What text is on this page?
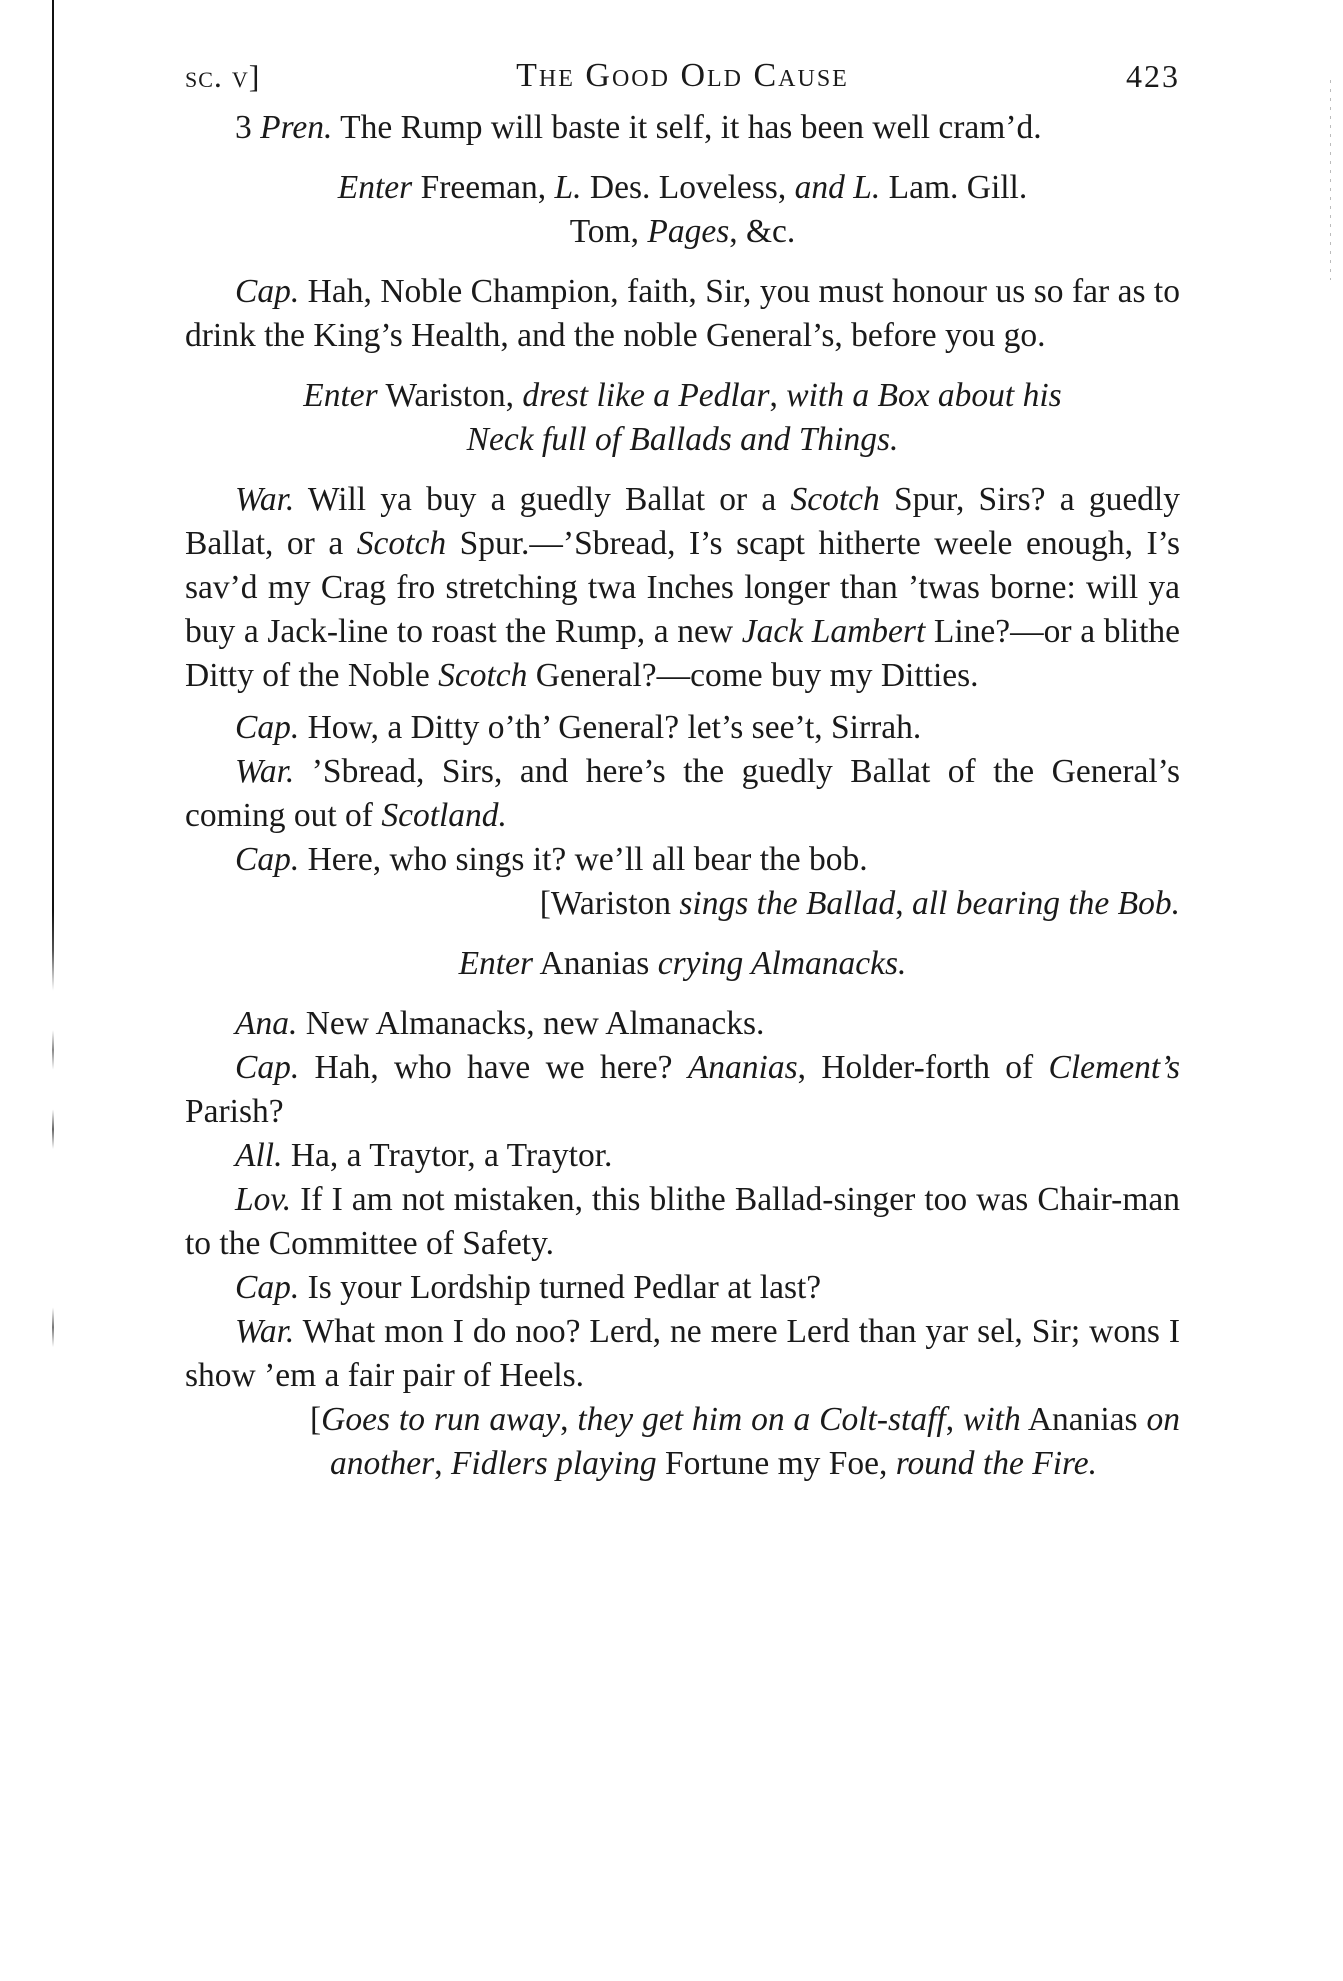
sc. v]	The Good Old Cause	423

3 Pren. The Rump will baste it self, it has been well cram’d.

Enter Freeman, L. Des. Loveless, and L. Lam. Gill.
Tom, Pages, &c.

Cap. Hah, Noble Champion, faith, Sir, you must honour us so far as to drink the King’s Health, and the noble General’s, before you go.

Enter Wariston, drest like a Pedlar, with a Box about his
Neck full of Ballads and Things.

War. Will ya buy a guedly Ballat or a Scotch Spur, Sirs? a guedly Ballat, or a Scotch Spur.—’Sbread, I’s scapt hitherte weele enough, I’s sav’d my Crag fro stretching twa Inches longer than ’twas borne: will ya buy a Jack-line to roast the Rump, a new Jack Lambert Line?—or a blithe Ditty of the Noble Scotch General?—come buy my Ditties.

Cap. How, a Ditty o’th’ General? let’s see’t, Sirrah.

War. ’Sbread, Sirs, and here’s the guedly Ballat of the General’s coming out of Scotland.

Cap. Here, who sings it? we’ll all bear the bob.

[Wariston sings the Ballad, all bearing the Bob.

Enter Ananias crying Almanacks.

Ana. New Almanacks, new Almanacks.

Cap. Hah, who have we here? Ananias, Holder-forth of Clement’s Parish?

All. Ha, a Traytor, a Traytor.

Lov. If I am not mistaken, this blithe Ballad-singer too was Chair-man to the Committee of Safety.

Cap. Is your Lordship turned Pedlar at last?

War. What mon I do noo? Lerd, ne mere Lerd than yar sel, Sir; wons I show ’em a fair pair of Heels.

[Goes to run away, they get him on a Colt-staff, with Ananias on another, Fidlers playing Fortune my Foe, round the Fire.
